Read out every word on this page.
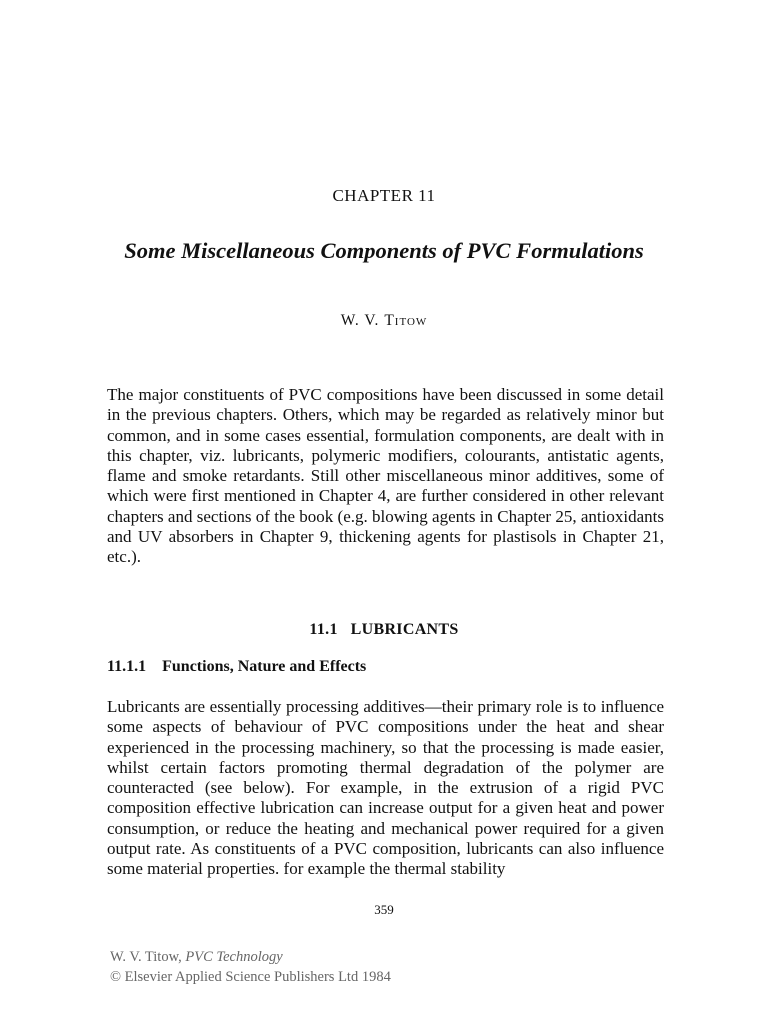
CHAPTER 11
Some Miscellaneous Components of PVC Formulations
W. V. Titow

The major constituents of PVC compositions have been discussed in some detail in the previous chapters. Others, which may be regarded as relatively minor but common, and in some cases essential, formulation components, are dealt with in this chapter, viz. lubricants, polymeric modifiers, colourants, antistatic agents, flame and smoke retardants. Still other miscellaneous minor additives, some of which were first mentioned in Chapter 4, are further considered in other relevant chapters and sections of the book (e.g. blowing agents in Chapter 25, antioxidants and UV absorbers in Chapter 9, thickening agents for plastisols in Chapter 21, etc.).

11.1 LUBRICANTS
11.1.1 Functions, Nature and Effects

Lubricants are essentially processing additives—their primary role is to influence some aspects of behaviour of PVC compositions under the heat and shear experienced in the processing machinery, so that the processing is made easier, whilst certain factors promoting thermal degradation of the polymer are counteracted (see below). For example, in the extrusion of a rigid PVC composition effective lubrication can increase output for a given heat and power consumption, or reduce the heating and mechanical power required for a given output rate. As constituents of a PVC composition, lubricants can also influence some material properties. for example the thermal stability

359
W. V. Titow, PVC Technology
© Elsevier Applied Science Publishers Ltd 1984
